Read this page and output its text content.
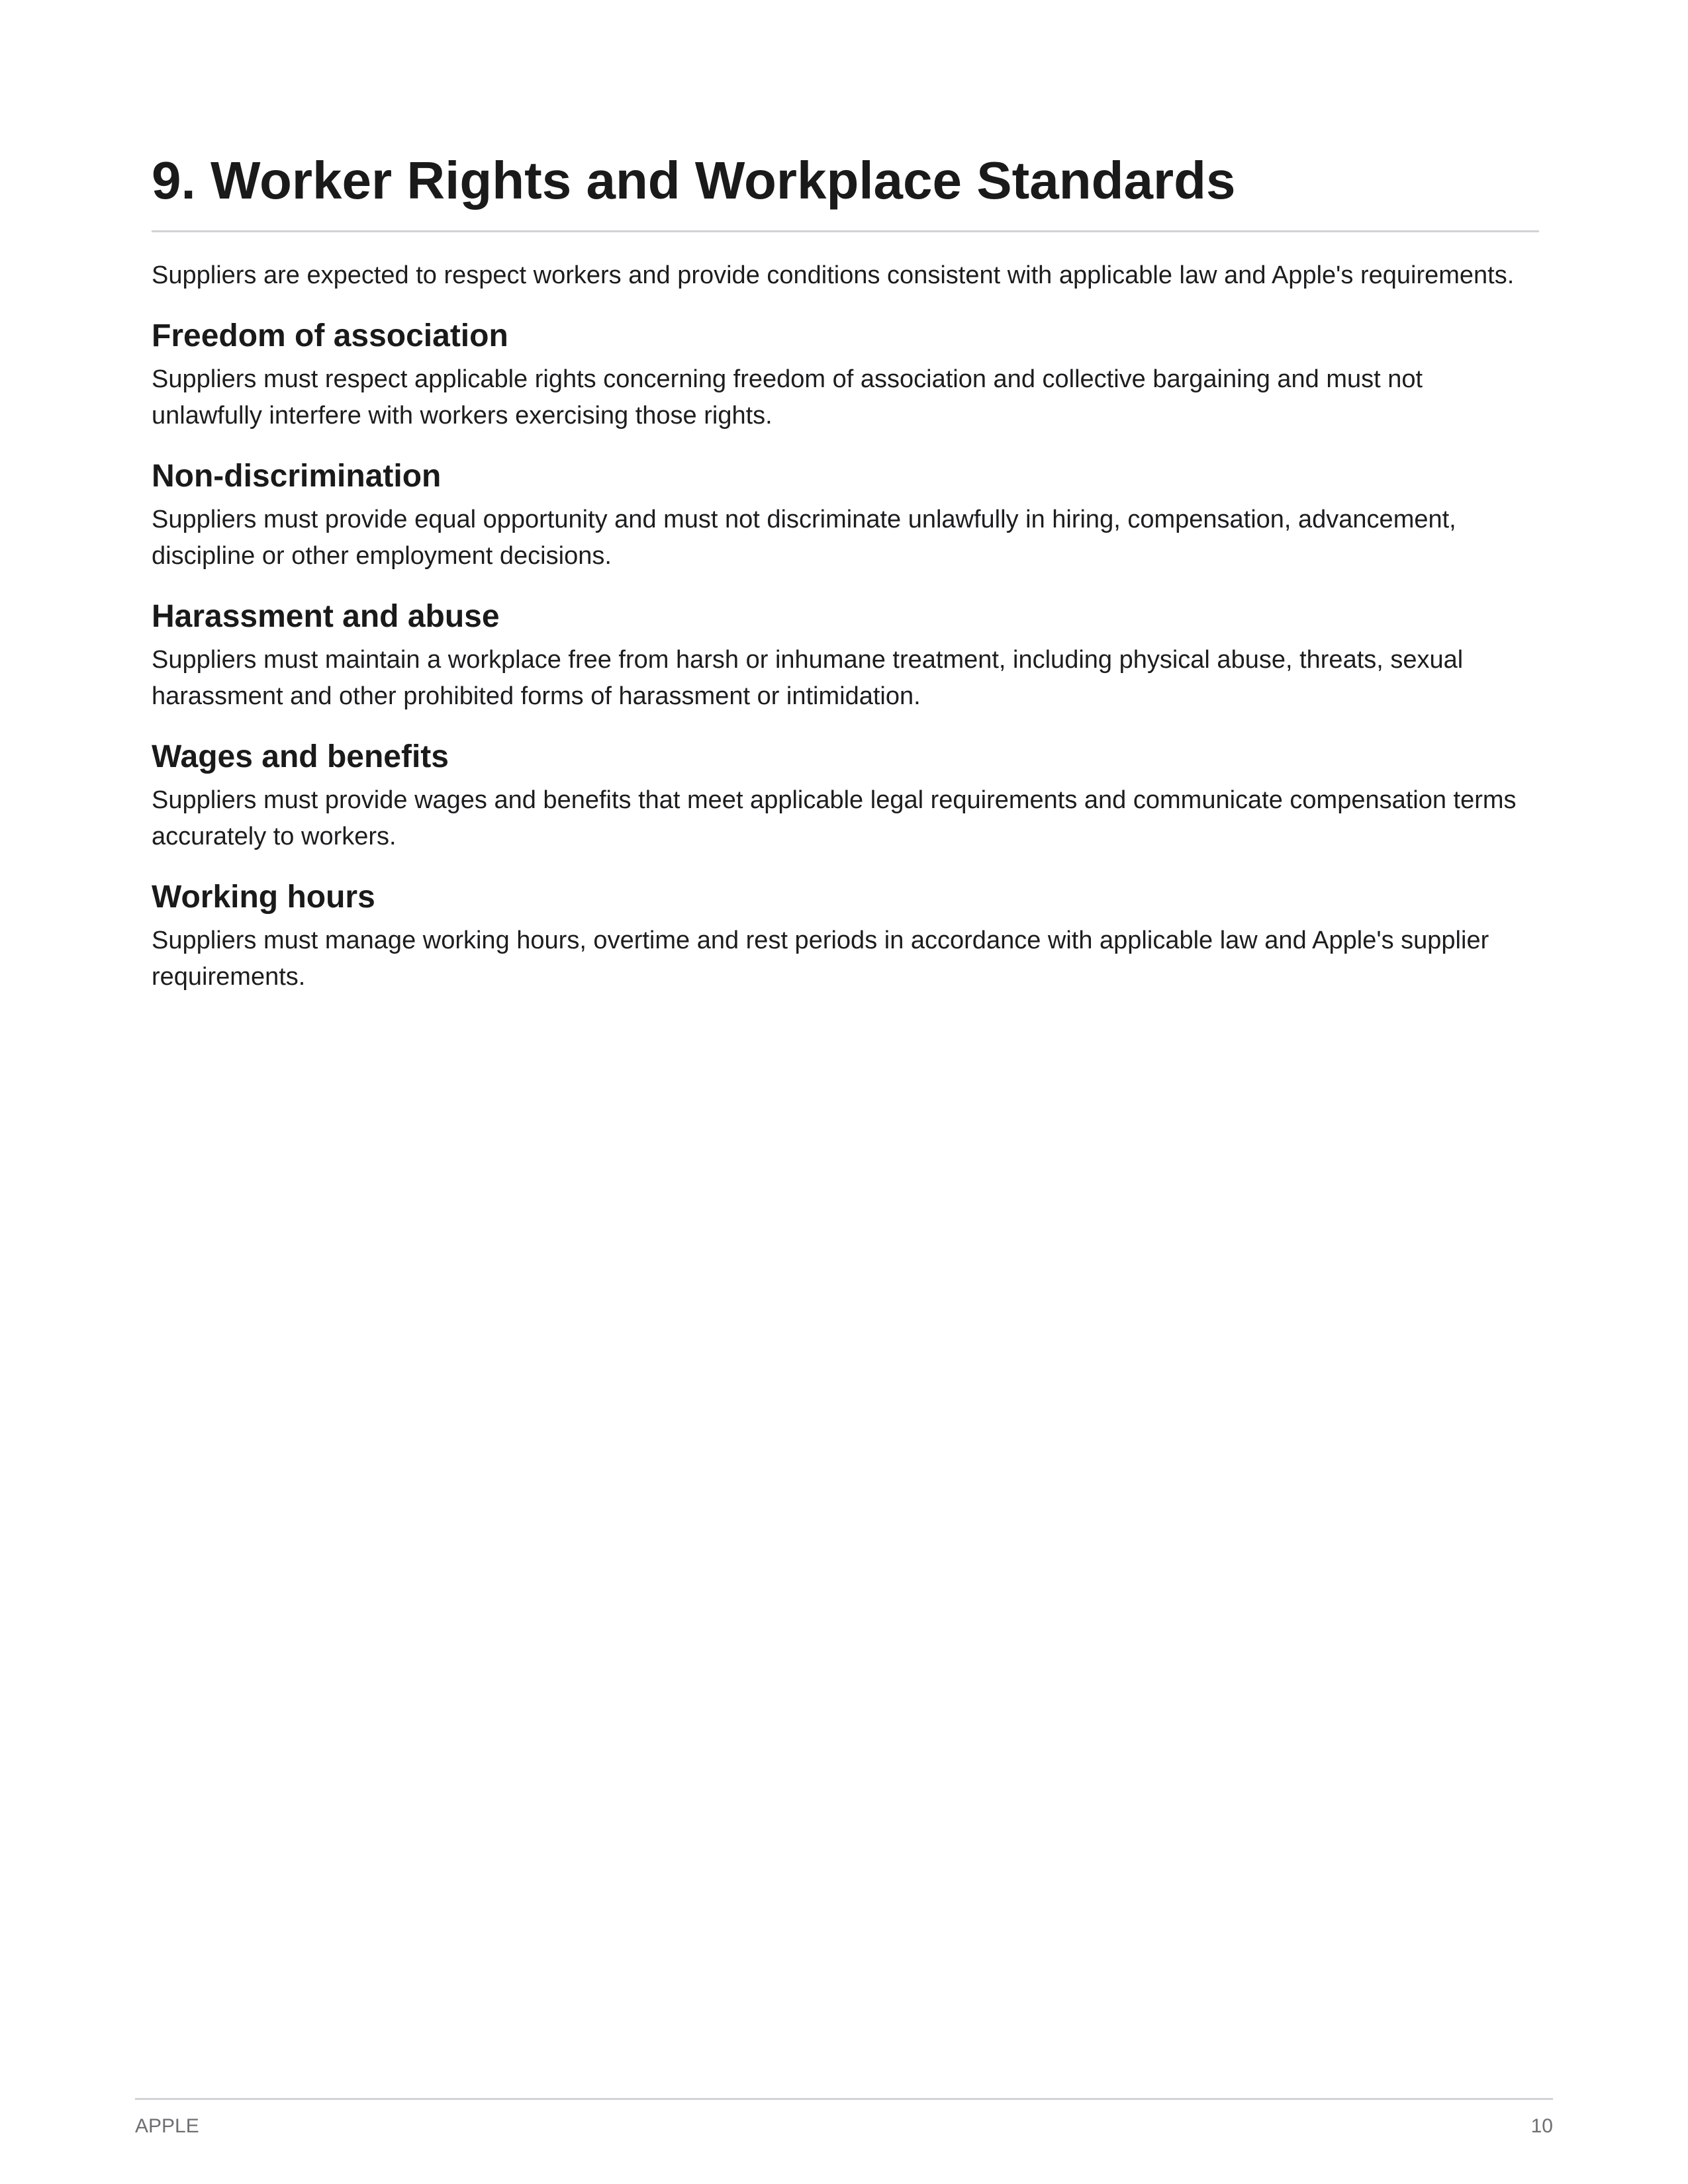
9. Worker Rights and Workplace Standards

Suppliers are expected to respect workers and provide conditions consistent with applicable law and Apple's requirements.

Freedom of association

Suppliers must respect applicable rights concerning freedom of association and collective bargaining and must not unlawfully interfere with workers exercising those rights.

Non-discrimination

Suppliers must provide equal opportunity and must not discriminate unlawfully in hiring, compensation, advancement, discipline or other employment decisions.

Harassment and abuse

Suppliers must maintain a workplace free from harsh or inhumane treatment, including physical abuse, threats, sexual harassment and other prohibited forms of harassment or intimidation.

Wages and benefits

Suppliers must provide wages and benefits that meet applicable legal requirements and communicate compensation terms accurately to workers.

Working hours

Suppliers must manage working hours, overtime and rest periods in accordance with applicable law and Apple's supplier requirements.

APPLE	10
